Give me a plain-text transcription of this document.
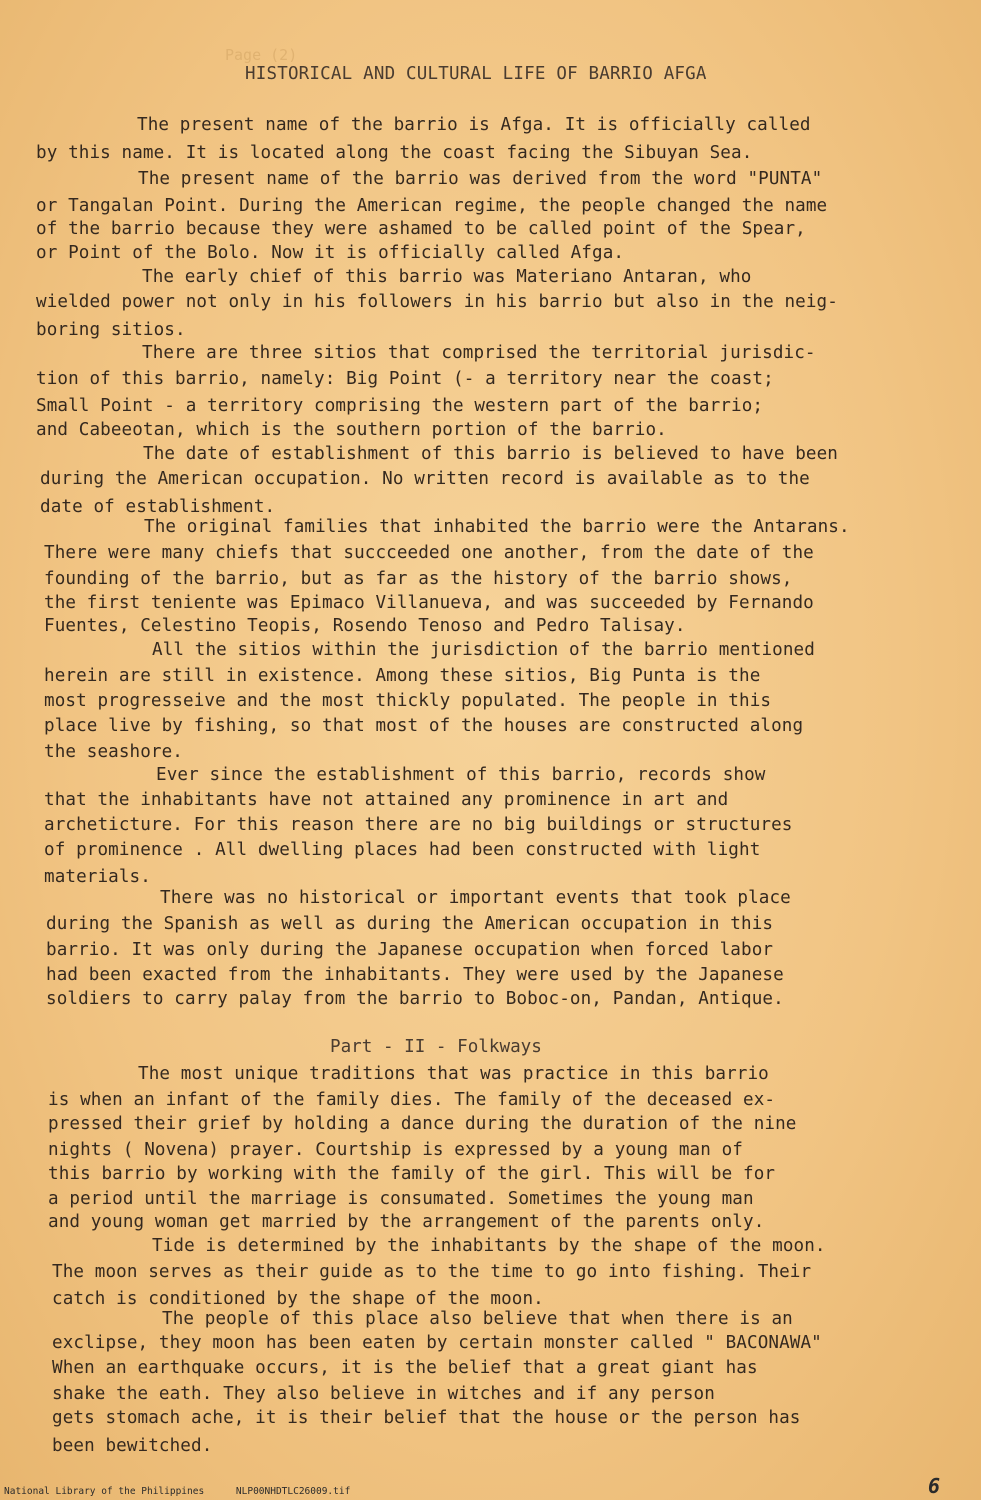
Page (2)
HISTORICAL AND CULTURAL LIFE OF BARRIO AFGA
The present name of the barrio is Afga. It is officially called
by this name. It is located along the coast facing the Sibuyan Sea.
The present name of the barrio was derived from the word "PUNTA"
or Tangalan Point. During the American regime, the people changed the name
of the barrio because they were ashamed to be called point of the Spear,
or Point of the Bolo. Now it is officially called Afga.
The early chief of this barrio was Materiano Antaran, who
wielded power not only in his followers in his barrio but also in the neig-
boring sitios.
There are three sitios that comprised the territorial jurisdic-
tion of this barrio, namely: Big Point (- a territory near the coast;
Small Point - a territory comprising the western part of the barrio;
and Cabeeotan, which is the southern portion of the barrio.
The date of establishment of this barrio is believed to have been
during the American occupation. No written record is available as to the
date of establishment.
The original families that inhabited the barrio were the Antarans.
There were many chiefs that succceeded one another, from the date of the
founding of the barrio, but as far as the history of the barrio shows,
the first teniente was Epimaco Villanueva, and was succeeded by Fernando
Fuentes, Celestino Teopis, Rosendo Tenoso and Pedro Talisay.
All the sitios within the jurisdiction of the barrio mentioned
herein are still in existence. Among these sitios, Big Punta is the
most progresseive and the most thickly populated. The people in this
place live by fishing, so that most of the houses are constructed along
the seashore.
Ever since the establishment of this barrio, records show
that the inhabitants have not attained any prominence in art and
archeticture. For this reason there are no big buildings or structures
of prominence . All dwelling places had been constructed with light
materials.
There was no historical or important events that took place
during the Spanish as well as during the American occupation in this
barrio. It was only during the Japanese occupation when forced labor
had been exacted from the inhabitants. They were used by the Japanese
soldiers to carry palay from the barrio to Boboc-on, Pandan, Antique.
Part - II - Folkways
The most unique traditions that was practice in this barrio
is when an infant of the family dies. The family of the deceased ex-
pressed their grief by holding a dance during the duration of the nine
nights ( Novena) prayer. Courtship is expressed by a young man of
this barrio by working with the family of the girl. This will be for
a period until the marriage is consumated. Sometimes the young man
and young woman get married by the arrangement of the parents only.
Tide is determined by the inhabitants by the shape of the moon.
The moon serves as their guide as to the time to go into fishing. Their
catch is conditioned by the shape of the moon.
The people of this place also believe that when there is an
exclipse, they moon has been eaten by certain monster called " BACONAWA"
When an earthquake occurs, it is the belief that a great giant has
shake the eath. They also believe in witches and if any person
gets stomach ache, it is their belief that the house or the person has
been bewitched.
National Library of the Philippines	NLP00NHDTLC26009.tif	6
